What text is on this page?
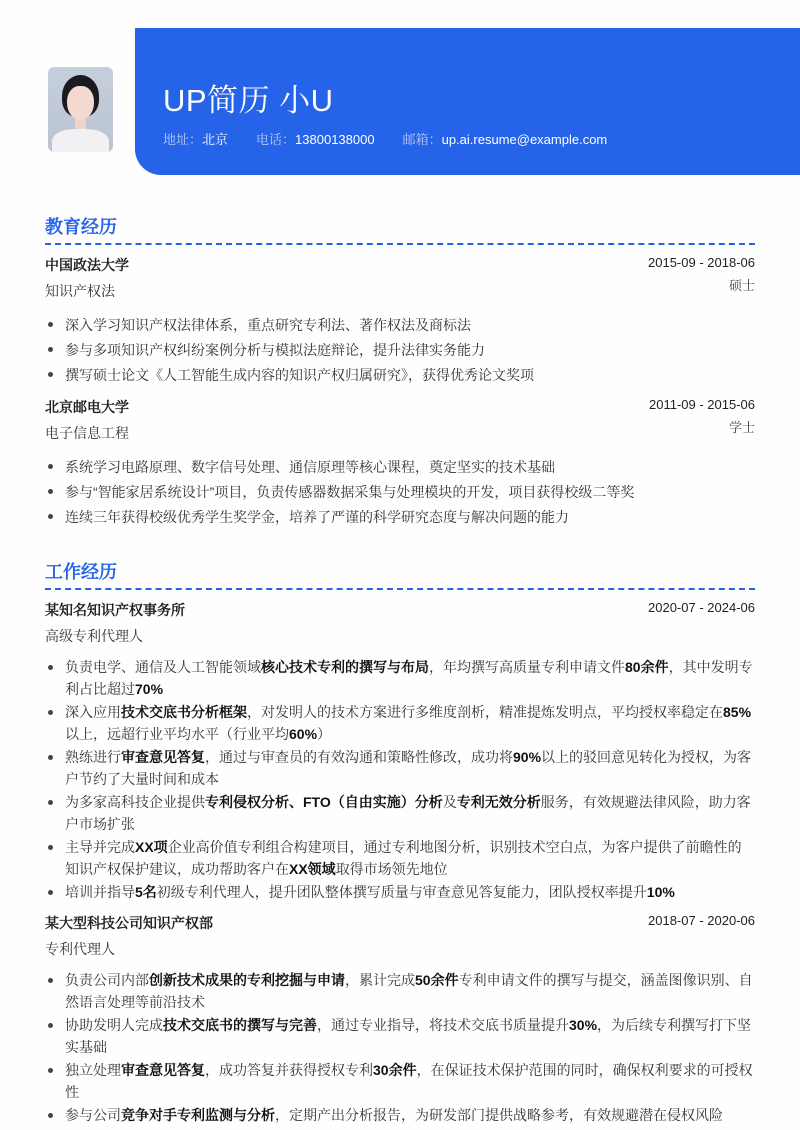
UP简历 小U
地址：北京 电话：13800138000 邮箱：up.ai.resume@example.com
教育经历
中国政法大学	2015-09 - 2018-06
知识产权法	硕士
深入学习知识产权法律体系，重点研究专利法、著作权法及商标法
参与多项知识产权纠纷案例分析与模拟法庭辩论，提升法律实务能力
撰写硕士论文《人工智能生成内容的知识产权归属研究》，获得优秀论文奖项
北京邮电大学	2011-09 - 2015-06
电子信息工程	学士
系统学习电路原理、数字信号处理、通信原理等核心课程，奠定坚实的技术基础
参与“智能家居系统设计”项目，负责传感器数据采集与处理模块的开发，项目获得校级二等奖
连续三年获得校级优秀学生奖学金，培养了严谨的科学研究态度与解决问题的能力
工作经历
某知名知识产权事务所	2020-07 - 2024-06
高级专利代理人
负责电学、通信及人工智能领域核心技术专利的撰写与布局，年均撰写高质量专利申请文件80余件，其中发明专利占比超过70%
深入应用技术交底书分析框架，对发明人的技术方案进行多维度剖析，精准提炼发明点，平均授权率稳定在85%以上，远超行业平均水平（行业平均60%）
熟练进行审查意见答复，通过与审查员的有效沟通和策略性修改，成功将90%以上的驳回意见转化为授权，为客户节约了大量时间和成本
为多家高科技企业提供专利侵权分析、FTO（自由实施）分析及专利无效分析服务，有效规避法律风险，助力客户市场扩张
主导并完成XX项企业高价值专利组合构建项目，通过专利地图分析，识别技术空白点，为客户提供了前瞻性的知识产权保护建议，成功帮助客户在XX领域取得市场领先地位
培训并指导5名初级专利代理人，提升团队整体撰写质量与审查意见答复能力，团队授权率提升10%
某大型科技公司知识产权部	2018-07 - 2020-06
专利代理人
负责公司内部创新技术成果的专利挖掘与申请，累计完成50余件专利申请文件的撰写与提交，涵盖图像识别、自然语言处理等前沿技术
协助发明人完成技术交底书的撰写与完善，通过专业指导，将技术交底书质量提升30%，为后续专利撰写打下坚实基础
独立处理审查意见答复，成功答复并获得授权专利30余件，在保证技术保护范围的同时，确保权利要求的可授权性
参与公司竞争对手专利监测与分析，定期产出分析报告，为研发部门提供战略参考，有效规避潜在侵权风险
